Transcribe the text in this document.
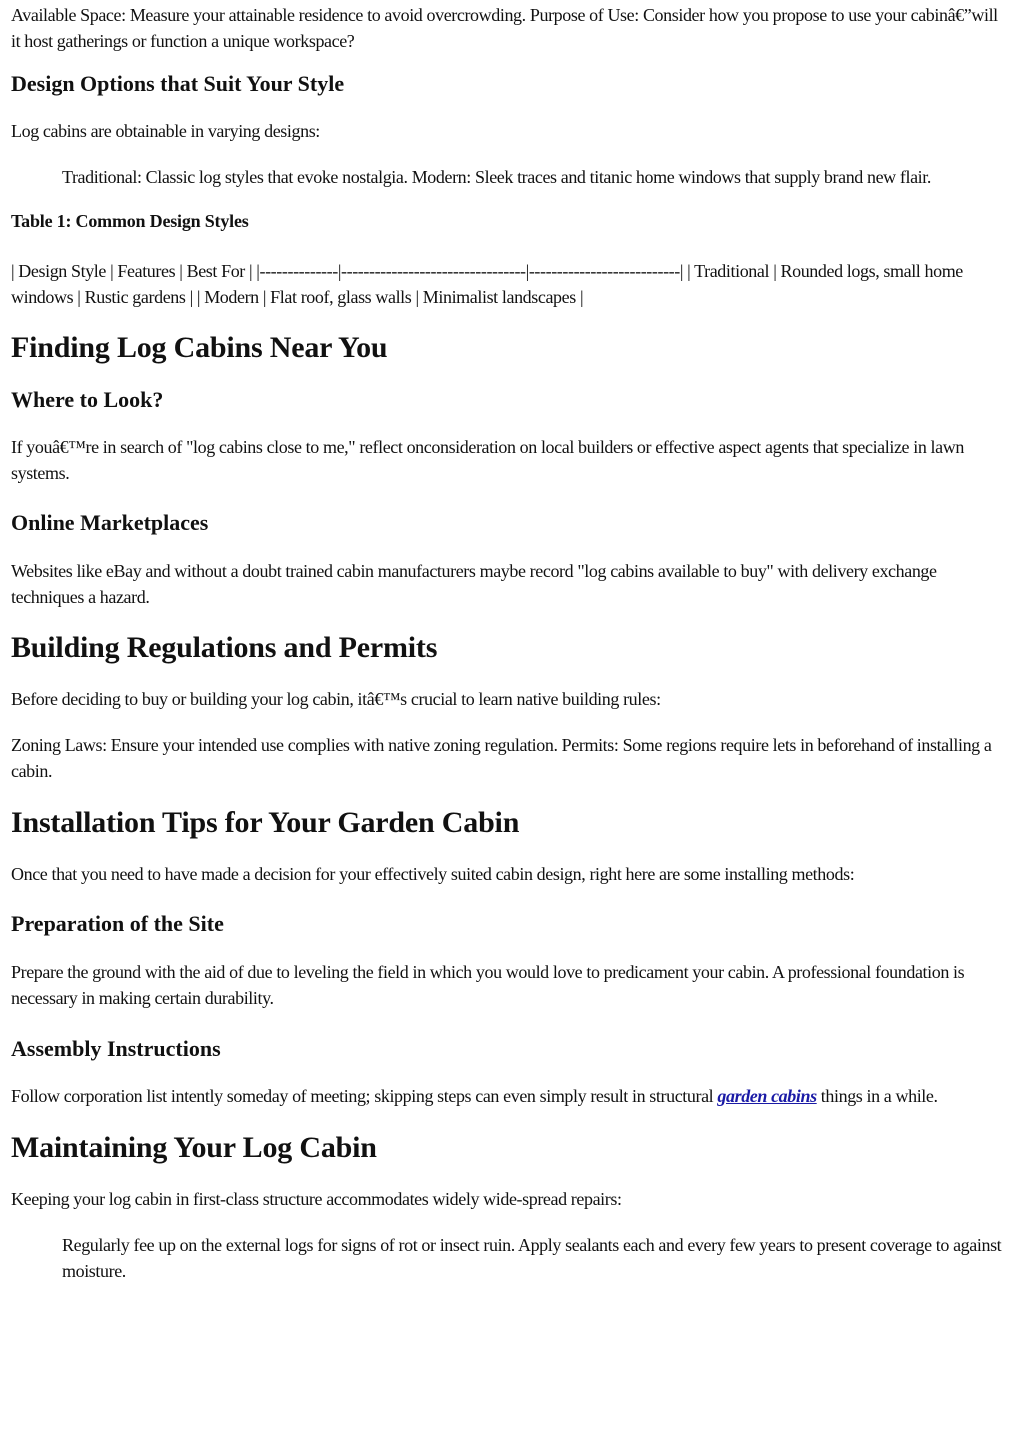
Available Space: Measure your attainable residence to avoid overcrowding. Purpose of Use: Consider how you propose to use your cabinâ€”will it host gatherings or function a unique workspace?

Design Options that Suit Your Style

Log cabins are obtainable in varying designs:

Traditional: Classic log styles that evoke nostalgia. Modern: Sleek traces and titanic home windows that supply brand new flair.

Table 1: Common Design Styles

| Design Style | Features | Best For | |--------------|---------------------------------|---------------------------| | Traditional | Rounded logs, small home windows | Rustic gardens | | Modern | Flat roof, glass walls | Minimalist landscapes |

Finding Log Cabins Near You
Where to Look?

If youâ€™re in search of "log cabins close to me," reflect onconsideration on local builders or effective aspect agents that specialize in lawn systems.

Online Marketplaces

Websites like eBay and without a doubt trained cabin manufacturers maybe record "log cabins available to buy" with delivery exchange techniques a hazard.

Building Regulations and Permits

Before deciding to buy or building your log cabin, itâ€™s crucial to learn native building rules:

Zoning Laws: Ensure your intended use complies with native zoning regulation. Permits: Some regions require lets in beforehand of installing a cabin.

Installation Tips for Your Garden Cabin

Once that you need to have made a decision for your effectively suited cabin design, right here are some installing methods:

Preparation of the Site

Prepare the ground with the aid of due to leveling the field in which you would love to predicament your cabin. A professional foundation is necessary in making certain durability.

Assembly Instructions

Follow corporation list intently someday of meeting; skipping steps can even simply result in structural garden cabins things in a while.

Maintaining Your Log Cabin

Keeping your log cabin in first-class structure accommodates widely wide-spread repairs:

Regularly fee up on the external logs for signs of rot or insect ruin. Apply sealants each and every few years to present coverage to against moisture.
